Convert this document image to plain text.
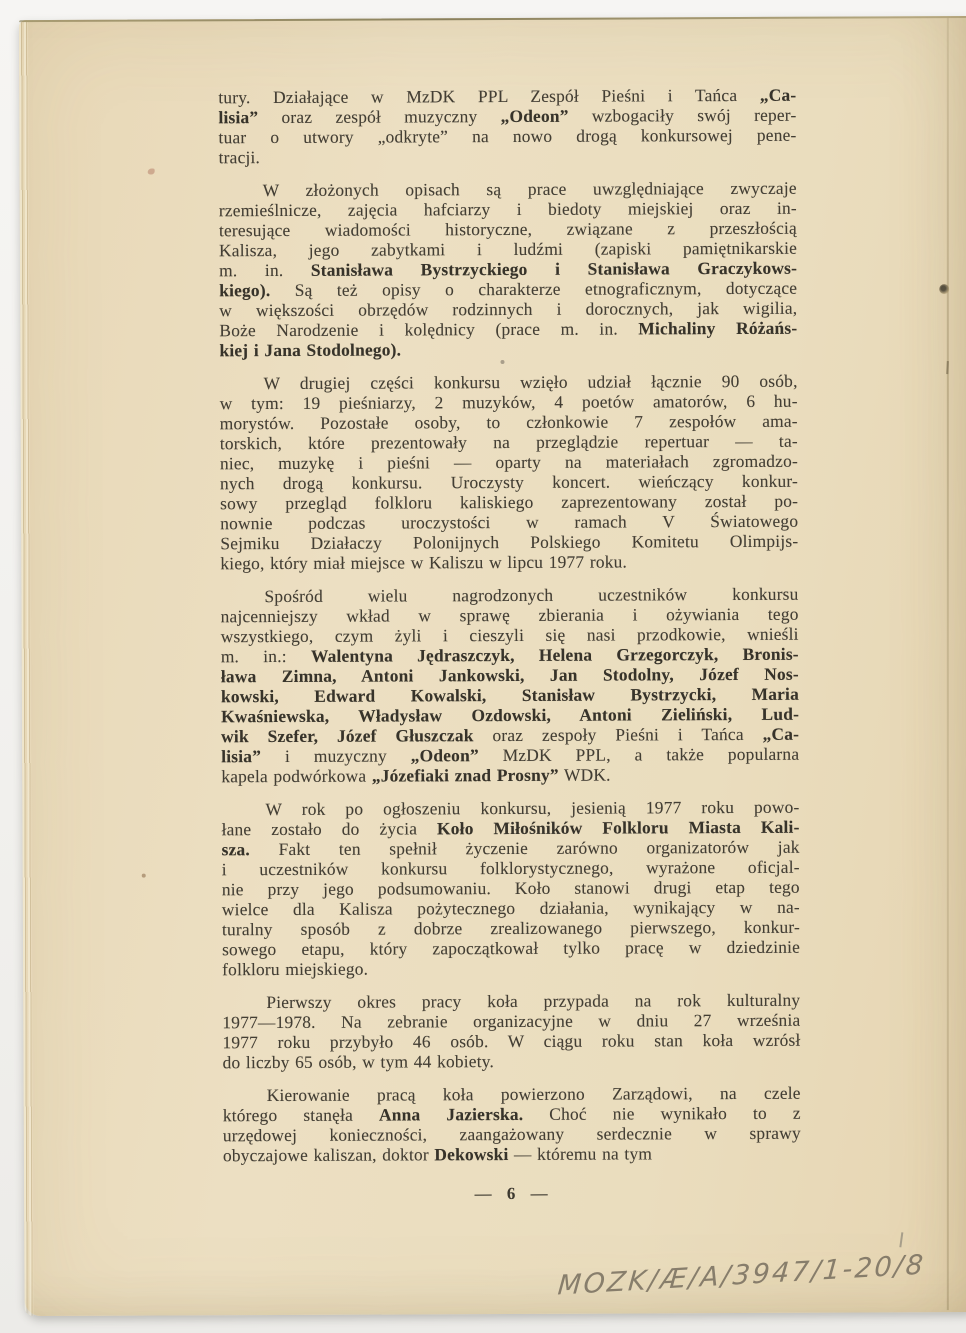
tury. Działające w MzDK PPL Zespół Pieśni i Tańca „Ca-
lisia” oraz zespół muzyczny „Odeon” wzbogaciły swój reper-
tuar o utwory „odkryte” na nowo drogą konkursowej pene-
tracji.
W złożonych opisach są prace uwzględniające zwyczaje
rzemieślnicze, zajęcia hafciarzy i biedoty miejskiej oraz in-
teresujące wiadomości historyczne, związane z przeszłością
Kalisza, jego zabytkami i ludźmi (zapiski pamiętnikarskie
m. in. Stanisława Bystrzyckiego i Stanisława Graczykows-
kiego). Są też opisy o charakterze etnograficznym, dotyczące
w większości obrzędów rodzinnych i dorocznych, jak wigilia,
Boże Narodzenie i kolędnicy (prace m. in. Michaliny Różańs-
kiej i Jana Stodolnego).
W drugiej części konkursu wzięło udział łącznie 90 osób,
w tym: 19 pieśniarzy, 2 muzyków, 4 poetów amatorów, 6 hu-
morystów. Pozostałe osoby, to członkowie 7 zespołów ama-
torskich, które prezentowały na przeglądzie repertuar — ta-
niec, muzykę i pieśni — oparty na materiałach zgromadzo-
nych drogą konkursu. Uroczysty koncert. wieńczący konkur-
sowy przegląd folkloru kaliskiego zaprezentowany został po-
nownie podczas uroczystości w ramach V Światowego
Sejmiku Działaczy Polonijnych Polskiego Komitetu Olimpijs-
kiego, który miał miejsce w Kaliszu w lipcu 1977 roku.
Spośród wielu nagrodzonych uczestników konkursu
najcenniejszy wkład w sprawę zbierania i ożywiania tego
wszystkiego, czym żyli i cieszyli się nasi przodkowie, wnieśli
m. in.: Walentyna Jędraszczyk, Helena Grzegorczyk, Bronis-
ława Zimna, Antoni Jankowski, Jan Stodolny, Józef Nos-
kowski, Edward Kowalski, Stanisław Bystrzycki, Maria
Kwaśniewska, Władysław Ozdowski, Antoni Zieliński, Lud-
wik Szefer, Józef Głuszczak oraz zespoły Pieśni i Tańca „Ca-
lisia” i muzyczny „Odeon” MzDK PPL, a także popularna
kapela podwórkowa „Józefiaki znad Prosny” WDK.
W rok po ogłoszeniu konkursu, jesienią 1977 roku powo-
łane zostało do życia Koło Miłośników Folkloru Miasta Kali-
sza. Fakt ten spełnił życzenie zarówno organizatorów jak
i uczestników konkursu folklorystycznego, wyrażone oficjal-
nie przy jego podsumowaniu. Koło stanowi drugi etap tego
wielce dla Kalisza pożytecznego działania, wynikający w na-
turalny sposób z dobrze zrealizowanego pierwszego, konkur-
sowego etapu, który zapoczątkował tylko pracę w dziedzinie
folkloru miejskiego.
Pierwszy okres pracy koła przypada na rok kulturalny
1977—1978. Na zebranie organizacyjne w dniu 27 września
1977 roku przybyło 46 osób. W ciągu roku stan koła wzrósł
do liczby 65 osób, w tym 44 kobiety.
Kierowanie pracą koła powierzono Zarządowi, na czele
którego stanęła Anna Jazierska. Choć nie wynikało to z
urzędowej konieczności, zaangażowany serdecznie w sprawy
obyczajowe kaliszan, doktor Dekowski — któremu na tym
— 6 —
MOZK/Æ/A/3947/1-20/8
